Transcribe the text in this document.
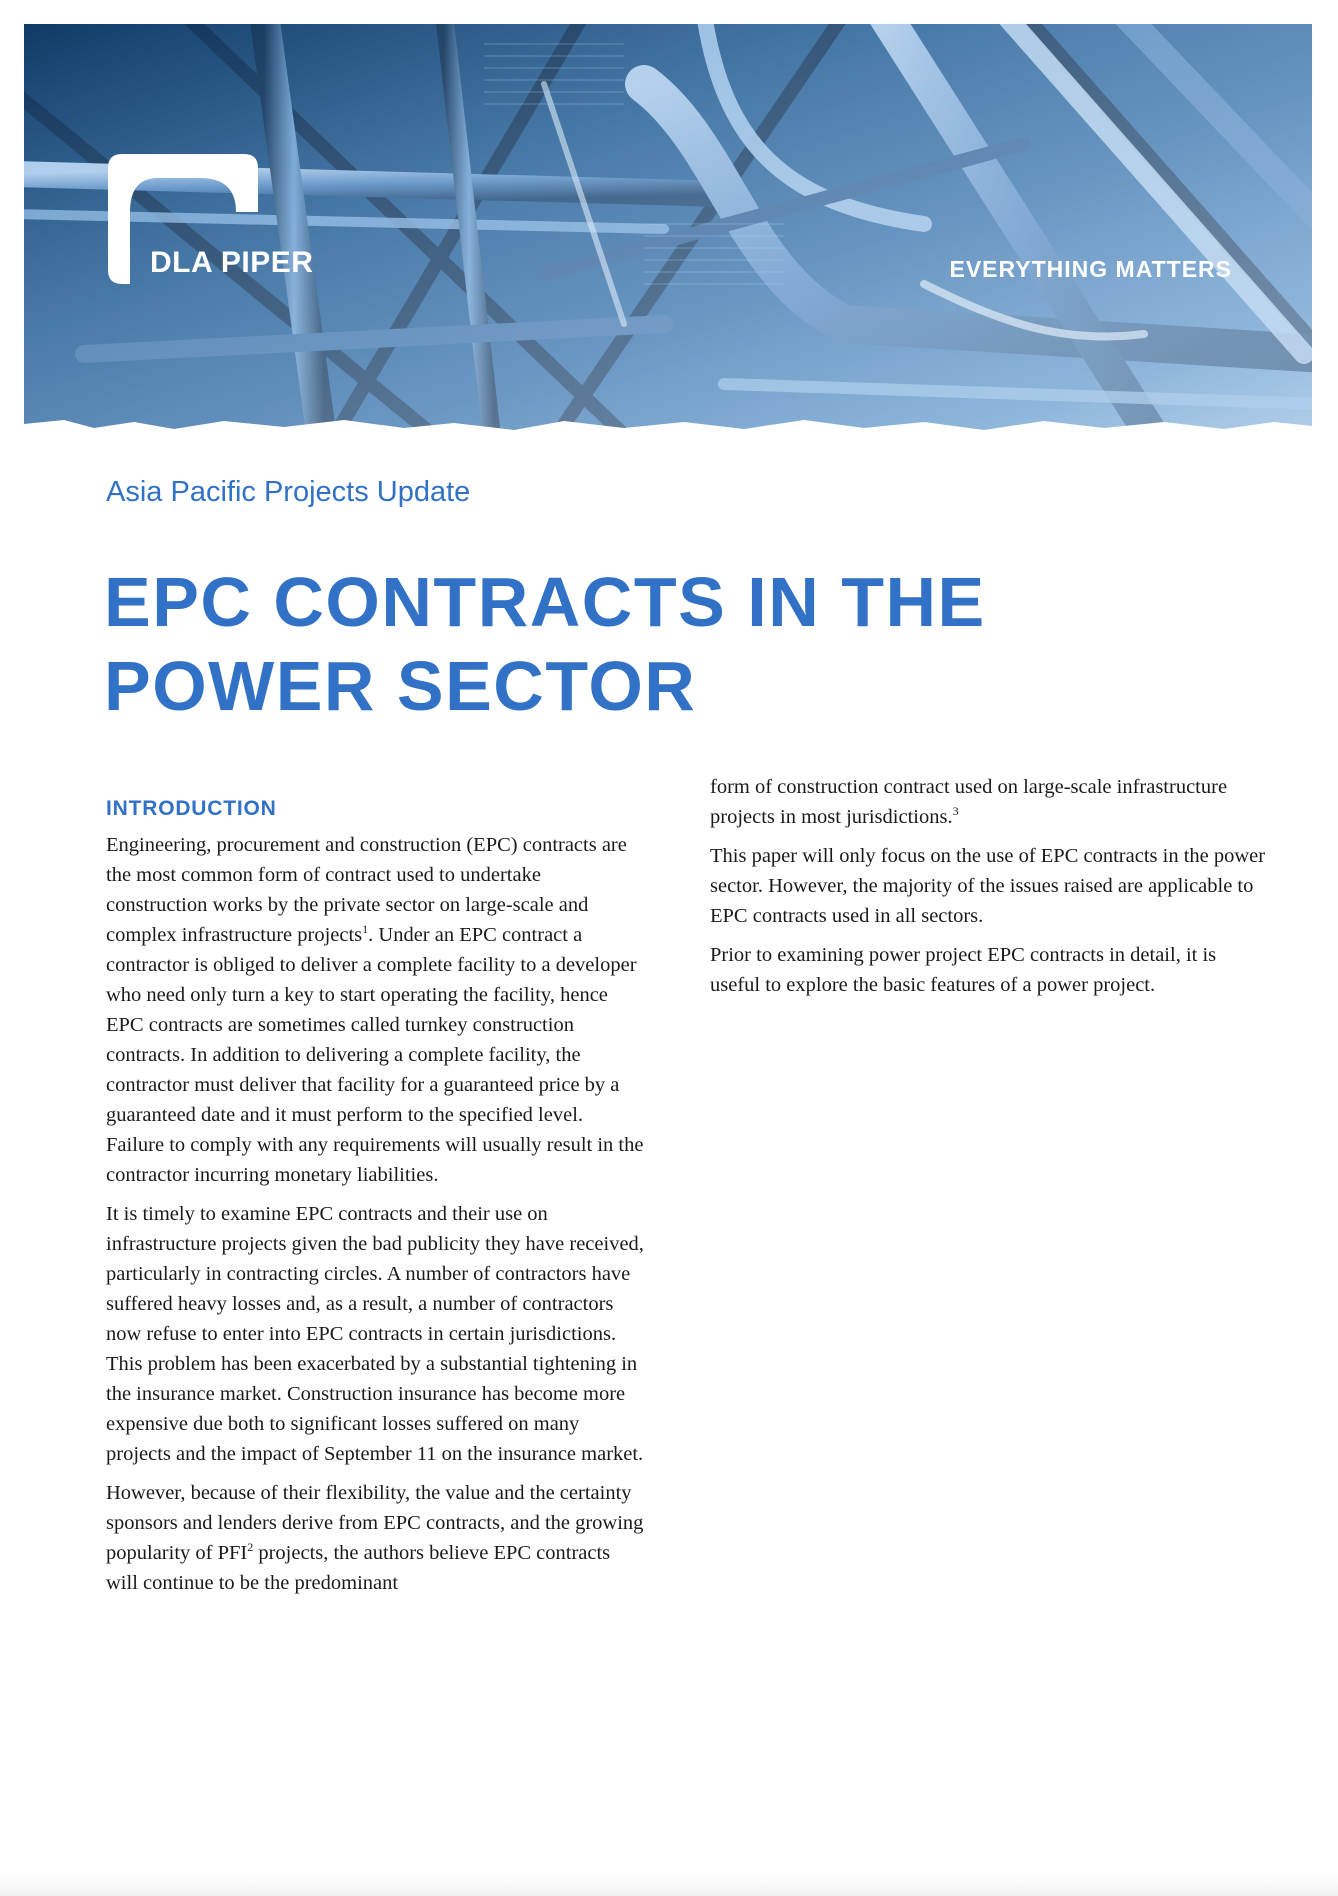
DLA PIPER	EVERYTHING MATTERS
Asia Pacific Projects Update
EPC CONTRACTS IN THE
POWER SECTOR
INTRODUCTION

Engineering, procurement and construction (EPC) contracts are the most common form of contract used to undertake construction works by the private sector on large-scale and complex infrastructure projects$^1$. Under an EPC contract a contractor is obliged to deliver a complete facility to a developer who need only turn a key to start operating the facility, hence EPC contracts are sometimes called turnkey construction contracts. In addition to delivering a complete facility, the contractor must deliver that facility for a guaranteed price by a guaranteed date and it must perform to the specified level. Failure to comply with any requirements will usually result in the contractor incurring monetary liabilities.

It is timely to examine EPC contracts and their use on infrastructure projects given the bad publicity they have received, particularly in contracting circles. A number of contractors have suffered heavy losses and, as a result, a number of contractors now refuse to enter into EPC contracts in certain jurisdictions. This problem has been exacerbated by a substantial tightening in the insurance market. Construction insurance has become more expensive due both to significant losses suffered on many projects and the impact of September 11 on the insurance market.

However, because of their flexibility, the value and the certainty sponsors and lenders derive from EPC contracts, and the growing popularity of PFI$^2$ projects, the authors believe EPC contracts will continue to be the predominant

form of construction contract used on large-scale infrastructure projects in most jurisdictions.$^3$

This paper will only focus on the use of EPC contracts in the power sector. However, the majority of the issues raised are applicable to EPC contracts used in all sectors.

Prior to examining power project EPC contracts in detail, it is useful to explore the basic features of a power project.
